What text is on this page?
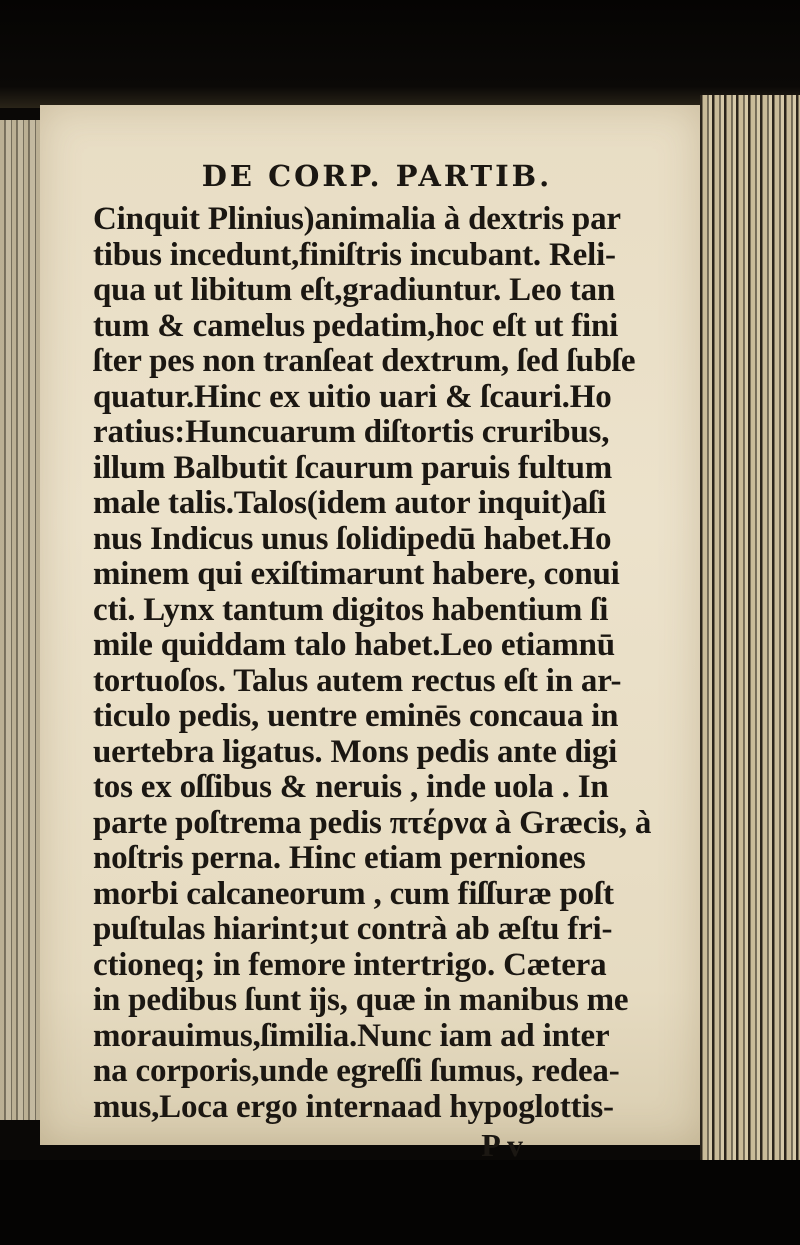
DE CORP. PARTIB.
Cinquit Plinius)animalia à dextris par
tibus incedunt,finiſtris incubant. Reli-
qua ut libitum eſt,gradiuntur. Leo tan
tum & camelus pedatim,hoc eſt ut fini
ſter pes non tranſeat dextrum, ſed ſubſe
quatur.Hinc ex uitio uari & ſcauri.Ho
ratius:Huncuarum diſtortis cruribus,
illum Balbutit ſcaurum paruis fultum
male talis.Talos(idem autor inquit)aſi
nus Indicus unus ſolidipedū habet.Ho
minem qui exiſtimarunt habere, conui
cti. Lynx tantum digitos habentium ſi
mile quiddam talo habet.Leo etiamnū
tortuoſos. Talus autem rectus eſt in ar-
ticulo pedis, uentre eminēs concaua in
uertebra ligatus. Mons pedis ante digi
tos ex oſſibus & neruis , inde uola . In
parte poſtrema pedis πτέρνα à Græcis, à
noſtris perna. Hinc etiam perniones
morbi calcaneorum , cum fiſſuræ poſt
puſtulas hiarint;ut contrà ab æſtu fri-
ctioneq; in femore intertrigo. Cætera
in pedibus ſunt ĳs, quæ in manibus me
morauimus,ſimilia.Nunc iam ad inter
na corporis,unde egreſſi ſumus, redea-
mus,Loca ergo internaad hypoglottis-
P v
